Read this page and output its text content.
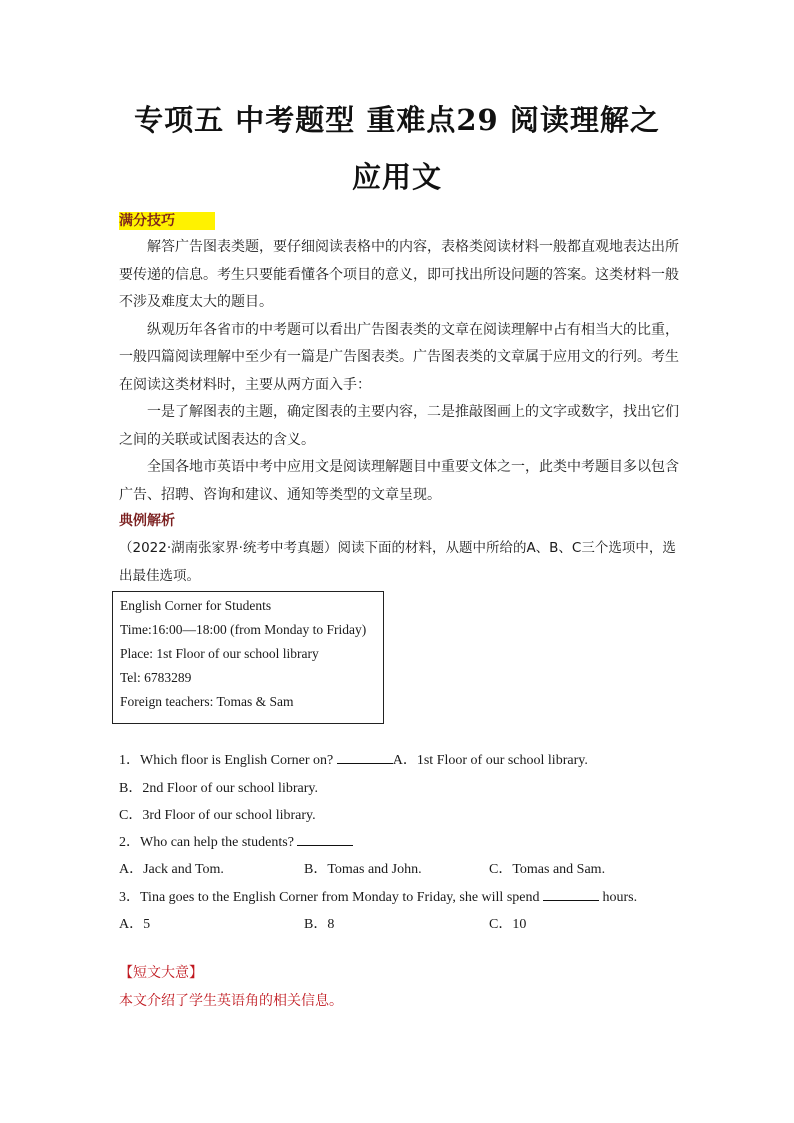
专项五 中考题型 重难点29 阅读理解之
应用文
满分技巧

解答广告图表类题，要仔细阅读表格中的内容，表格类阅读材料一般都直观地表达出所要传递的信息。考生只要能看懂各个项目的意义，即可找出所设问题的答案。这类材料一般不涉及难度太大的题目。

纵观历年各省市的中考题可以看出广告图表类的文章在阅读理解中占有相当大的比重，一般四篇阅读理解中至少有一篇是广告图表类。广告图表类的文章属于应用文的行列。考生在阅读这类材料时，主要从两方面入手：

一是了解图表的主题，确定图表的主要内容，二是推敲图画上的文字或数字，找出它们之间的关联或试图表达的含义。

全国各地市英语中考中应用文是阅读理解题目中重要文体之一，此类中考题目多以包含广告、招聘、咨询和建议、通知等类型的文章呈现。

典例解析
（2022·湖南张家界·统考中考真题）阅读下面的材料，从题中所给的A、B、C三个选项中，选出最佳选项。
English Corner for Students
Time:16:00—18:00 (from Monday to Friday)
Place: 1st Floor of our school library
Tel: 6783289
Foreign teachers: Tomas & Sam
1．Which floor is English Corner on?	A．1st Floor of our school library.
B．2nd Floor of our school library.
C．3rd Floor of our school library.
2．Who can help the students?
A．Jack and Tom.	B．Tomas and John.	C．Tomas and Sam.
3．Tina goes to the English Corner from Monday to Friday, she will spend	hours.
A．5	B．8	C．10
【短文大意】
本文介绍了学生英语角的相关信息。
